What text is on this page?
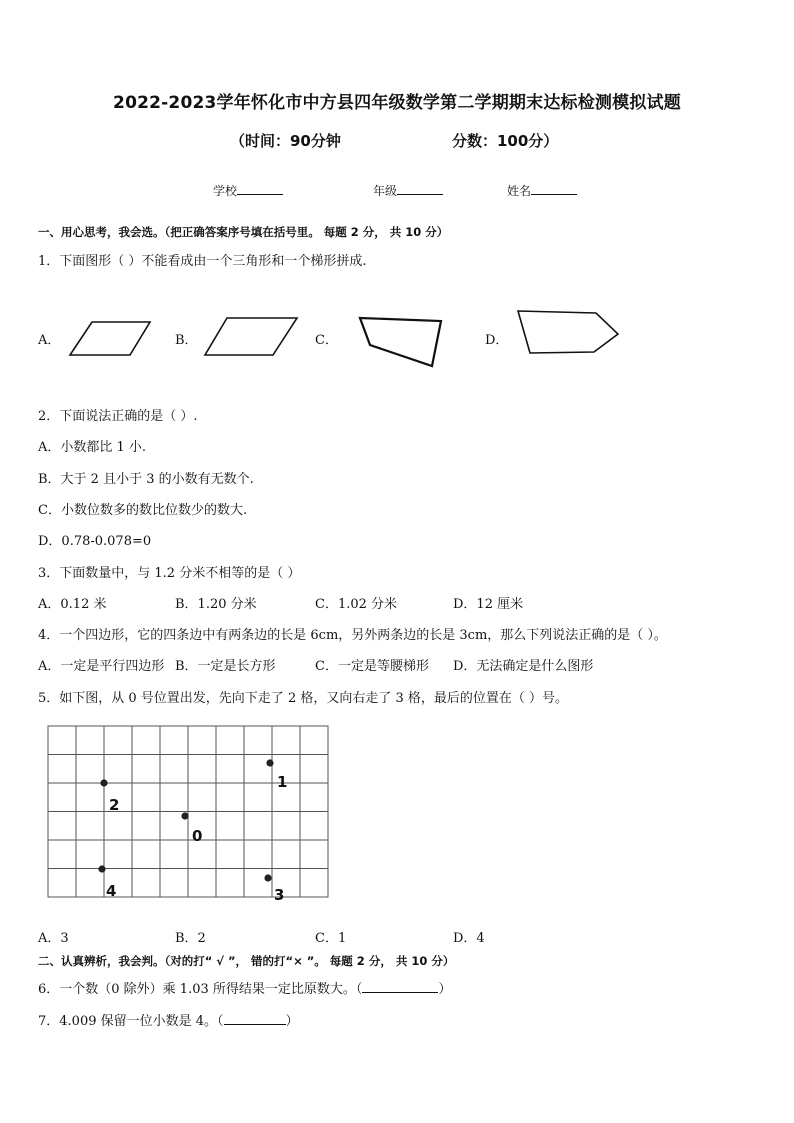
2022-2023学年怀化市中方县四年级数学第二学期期末达标检测模拟试题
（时间：90分钟	分数：100分）
学校	年级	姓名
一、用心思考，我会选。（把正确答案序号填在括号里。 每题 2 分， 共 10 分）
1．下面图形（ ）不能看成由一个三角形和一个梯形拼成.
A．	B．	C．	D．
2．下面说法正确的是（ ）.
A．小数都比 1 小.
B．大于 2 且小于 3 的小数有无数个.
C．小数位数多的数比位数少的数大.
D．0.78-0.078=0
3．下面数量中，与 1.2 分米不相等的是（ ）
A．0.12 米	B．1.20 分米	C．1.02 分米	D．12 厘米
4．一个四边形，它的四条边中有两条边的长是 6cm，另外两条边的长是 3cm，那么下列说法正确的是（ ）。
A．一定是平行四边形 B．一定是长方形	C．一定是等腰梯形 D．无法确定是什么图形
5．如下图，从 0 号位置出发，先向下走了 2 格，又向右走了 3 格，最后的位置在（ ）号。
2
1
0
4	3
A．3	B．2	C．1	D．4
二、认真辨析，我会判。（对的打“ √ ”， 错的打“× ”。 每题 2 分， 共 10 分）
6．一个数（0 除外）乘 1.03 所得结果一定比原数大。（	）
7．4.009 保留一位小数是 4。（	）
